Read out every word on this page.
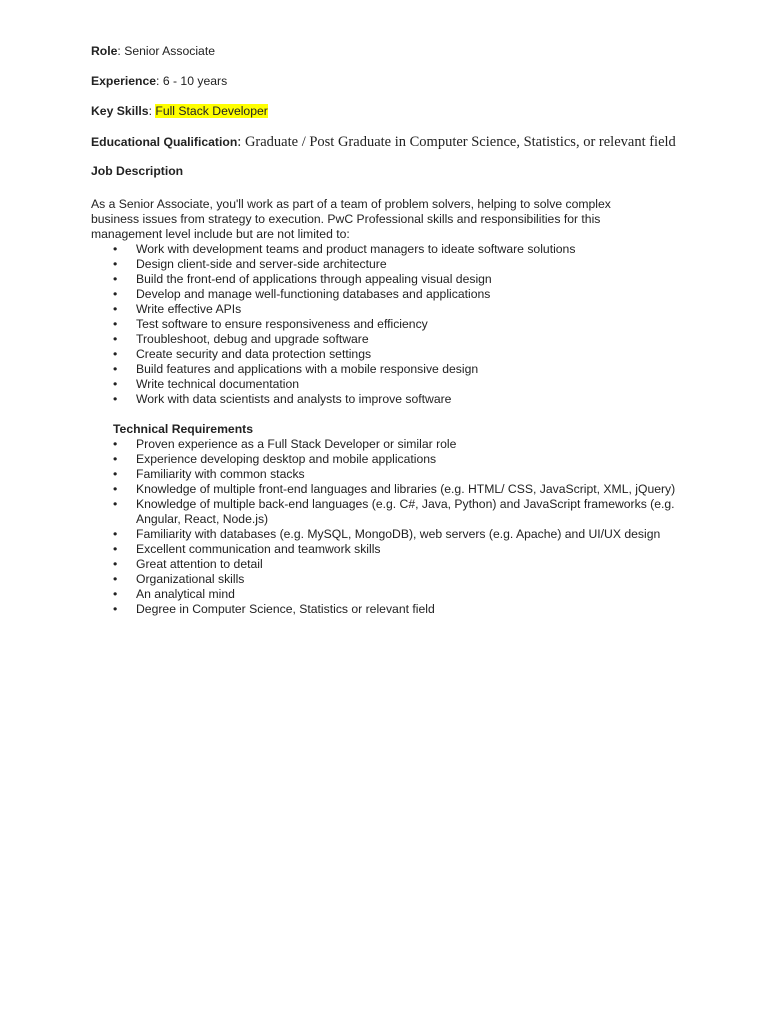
Role: Senior Associate

Experience: 6 - 10 years

Key Skills: Full Stack Developer

Educational Qualification: Graduate / Post Graduate in Computer Science, Statistics, or relevant field

Job Description

As a Senior Associate, you'll work as part of a team of problem solvers, helping to solve complex business issues from strategy to execution. PwC Professional skills and responsibilities for this management level include but are not limited to:

• Work with development teams and product managers to ideate software solutions
• Design client-side and server-side architecture
• Build the front-end of applications through appealing visual design
• Develop and manage well-functioning databases and applications
• Write effective APIs
• Test software to ensure responsiveness and efficiency
• Troubleshoot, debug and upgrade software
• Create security and data protection settings
• Build features and applications with a mobile responsive design
• Write technical documentation
• Work with data scientists and analysts to improve software

Technical Requirements

• Proven experience as a Full Stack Developer or similar role
• Experience developing desktop and mobile applications
• Familiarity with common stacks
• Knowledge of multiple front-end languages and libraries (e.g. HTML/ CSS, JavaScript, XML, jQuery)
• Knowledge of multiple back-end languages (e.g. C#, Java, Python) and JavaScript frameworks (e.g. Angular, React, Node.js)
• Familiarity with databases (e.g. MySQL, MongoDB), web servers (e.g. Apache) and UI/UX design
• Excellent communication and teamwork skills
• Great attention to detail
• Organizational skills
• An analytical mind
• Degree in Computer Science, Statistics or relevant field
